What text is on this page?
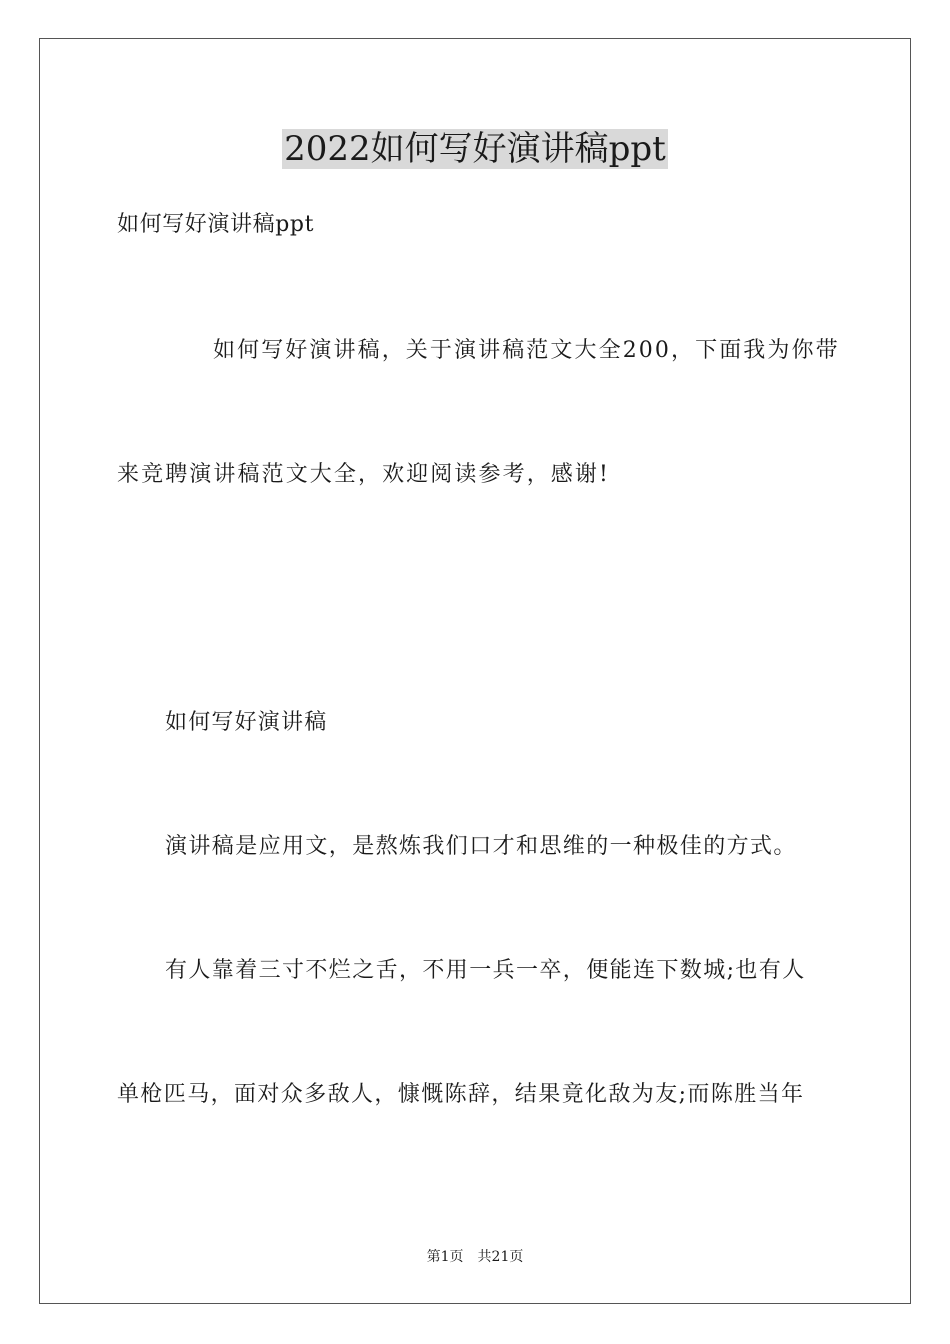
2022如何写好演讲稿ppt

如何写好演讲稿ppt

如何写好演讲稿，关于演讲稿范文大全200，下面我为你带

来竞聘演讲稿范文大全，欢迎阅读参考，感谢!

如何写好演讲稿

演讲稿是应用文，是熬炼我们口才和思维的一种极佳的方式。

有人靠着三寸不烂之舌，不用一兵一卒，便能连下数城;也有人

单枪匹马，面对众多敌人，慷慨陈辞，结果竟化敌为友;而陈胜当年

第1页 共21页
